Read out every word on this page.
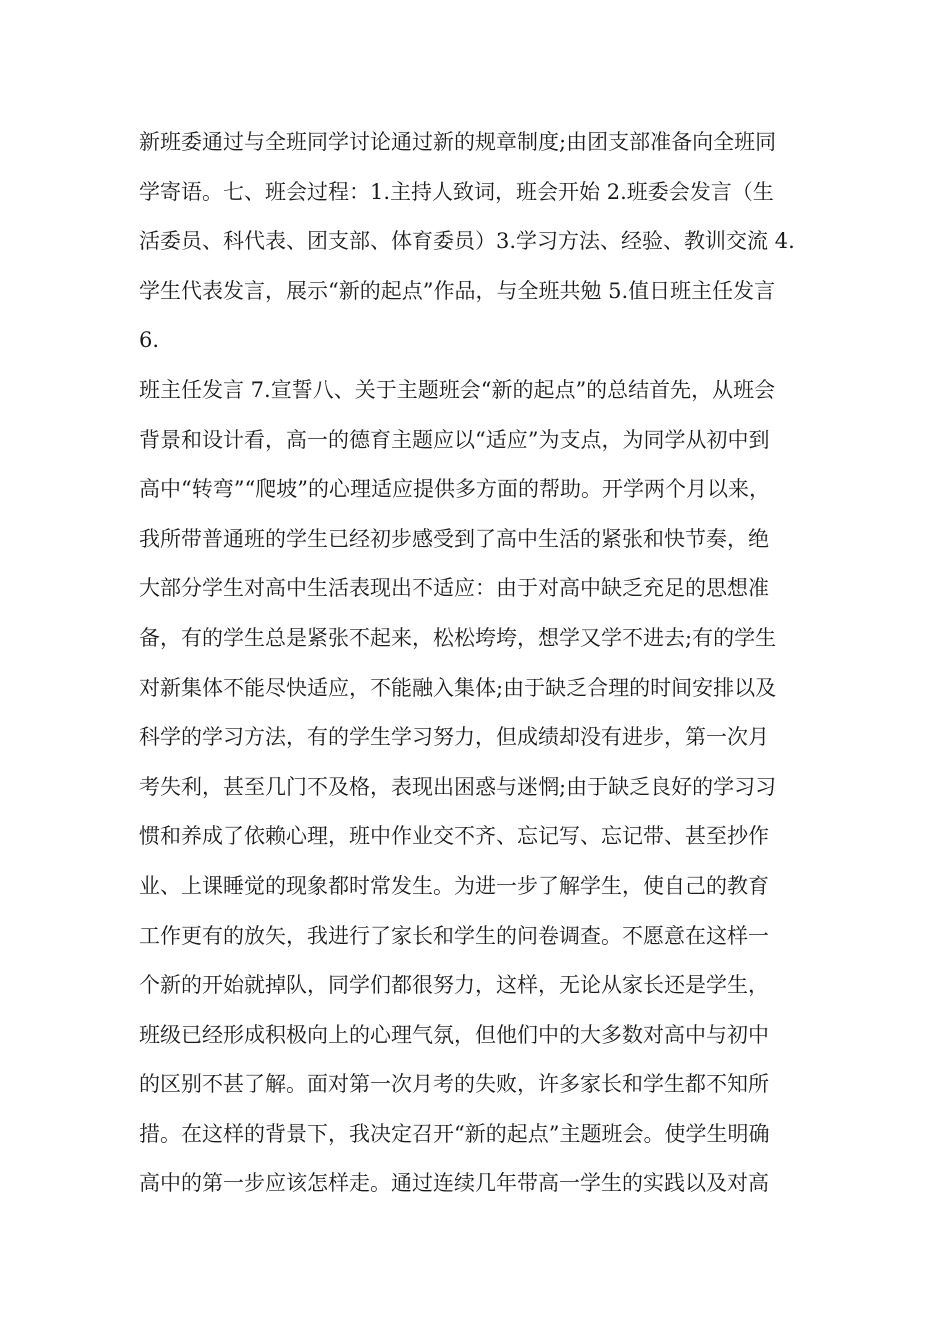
新班委通过与全班同学讨论通过新的规章制度;由团支部准备向全班同
学寄语。七、班会过程：1.主持人致词，班会开始 2.班委会发言（生
活委员、科代表、团支部、体育委员）3.学习方法、经验、教训交流 4.
学生代表发言，展示“新的起点”作品，与全班共勉 5.值日班主任发言
6.
班主任发言 7.宣誓八、关于主题班会“新的起点”的总结首先，从班会
背景和设计看，高一的德育主题应以“适应”为支点，为同学从初中到
高中“转弯”“爬坡”的心理适应提供多方面的帮助。开学两个月以来，
我所带普通班的学生已经初步感受到了高中生活的紧张和快节奏，绝
大部分学生对高中生活表现出不适应：由于对高中缺乏充足的思想准
备，有的学生总是紧张不起来，松松垮垮，想学又学不进去;有的学生
对新集体不能尽快适应，不能融入集体;由于缺乏合理的时间安排以及
科学的学习方法，有的学生学习努力，但成绩却没有进步，第一次月
考失利，甚至几门不及格，表现出困惑与迷惘;由于缺乏良好的学习习
惯和养成了依赖心理，班中作业交不齐、忘记写、忘记带、甚至抄作
业、上课睡觉的现象都时常发生。为进一步了解学生，使自己的教育
工作更有的放矢，我进行了家长和学生的问卷调查。不愿意在这样一
个新的开始就掉队，同学们都很努力，这样，无论从家长还是学生，
班级已经形成积极向上的心理气氛，但他们中的大多数对高中与初中
的区别不甚了解。面对第一次月考的失败，许多家长和学生都不知所
措。在这样的背景下，我决定召开“新的起点”主题班会。使学生明确
高中的第一步应该怎样走。通过连续几年带高一学生的实践以及对高
